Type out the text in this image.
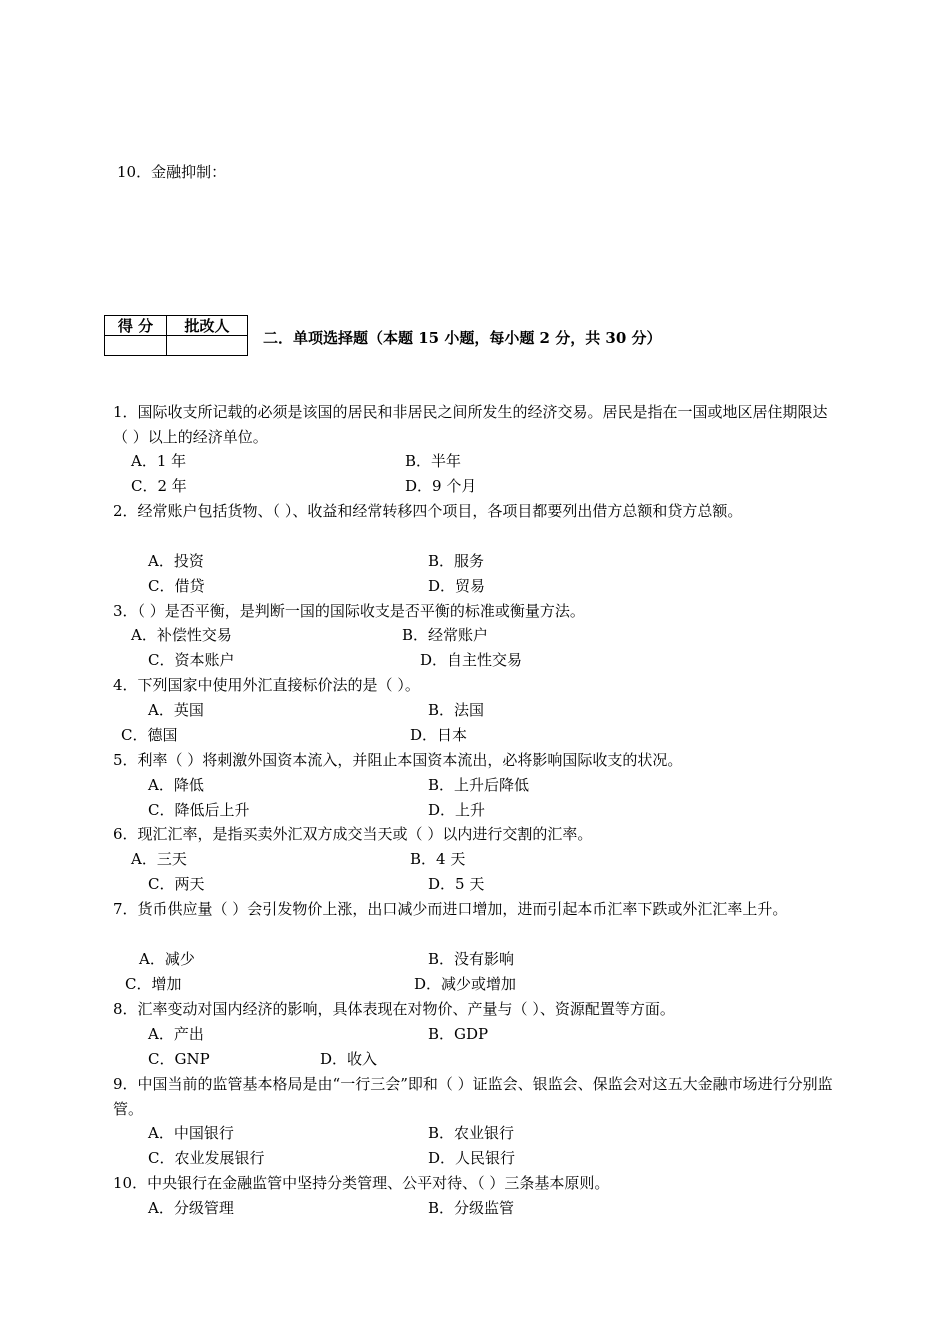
10．金融抑制：
得 分	批改人

二．单项选择题（本题 15 小题，每小题 2 分，共 30 分）
1．国际收支所记载的必须是该国的居民和非居民之间所发生的经济交易。居民是指在一国或地区居住期限达 （ ）以上的经济单位。
A．1 年	B．半年
C．2 年	D．9 个月
2．经常账户包括货物、（ ）、收益和经常转移四个项目，各项目都要列出借方总额和贷方总额。
A．投资	B．服务
C．借贷	D．贸易
3．（ ）是否平衡，是判断一国的国际收支是否平衡的标准或衡量方法。
A．补偿性交易	B．经常账户
C．资本账户	D．自主性交易
4．下列国家中使用外汇直接标价法的是（ ）。
A．英国	B．法国
C．德国	D．日本
5．利率（ ）将刺激外国资本流入，并阻止本国资本流出，必将影响国际收支的状况。
A．降低	B．上升后降低
C．降低后上升	D．上升
6．现汇汇率，是指买卖外汇双方成交当天或（ ）以内进行交割的汇率。
A．三天	B．4 天
C．两天	D．5 天
7．货币供应量（ ）会引发物价上涨，出口减少而进口增加，进而引起本币汇率下跌或外汇汇率上升。
A．减少	B．没有影响
C．增加	D．减少或增加
8．汇率变动对国内经济的影响，具体表现在对物价、产量与（ ）、资源配置等方面。
A．产出	B．GDP
C．GNP	D．收入
9．中国当前的监管基本格局是由“一行三会”即和（ ）证监会、银监会、保监会对这五大金融市场进行分别监管。
A．中国银行	B．农业银行
C．农业发展银行	D．人民银行
10．中央银行在金融监管中坚持分类管理、公平对待、（ ）三条基本原则。
A．分级管理	B．分级监管
